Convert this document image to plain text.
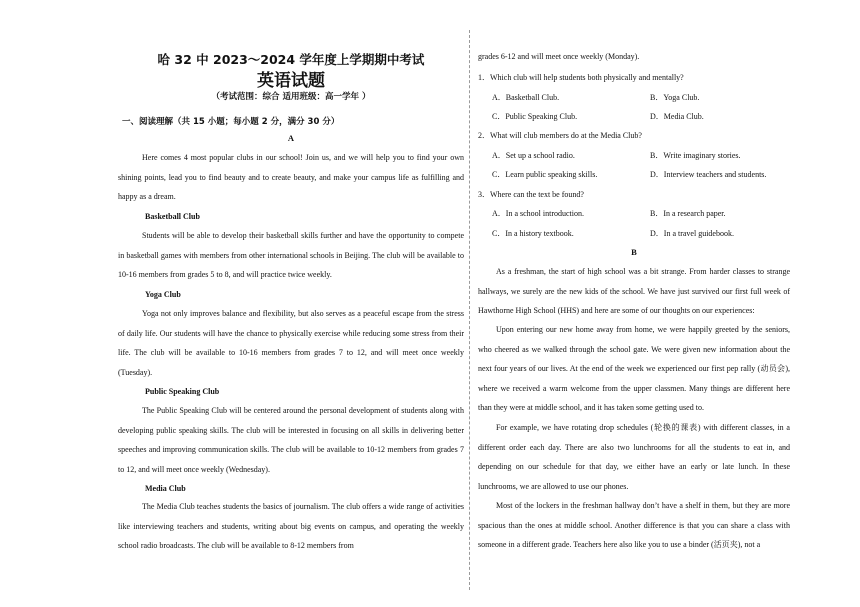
哈 32 中 2023～2024 学年度上学期期中考试
英语试题
（考试范围：综合 适用班级：高一学年 ）
一、阅读理解（共 15 小题；每小题 2 分，满分 30 分）
A
Here comes 4 most popular clubs in our school! Join us, and we will help you to find your own shining points, lead you to find beauty and to create beauty, and make your campus life as fulfilling and happy as a dream.
Basketball Club
Students will be able to develop their basketball skills further and have the opportunity to compete in basketball games with members from other international schools in Beijing. The club will be available to 10-16 members from grades 5 to 8, and will practice twice weekly.
Yoga Club
Yoga not only improves balance and flexibility, but also serves as a peaceful escape from the stress of daily life. Our students will have the chance to physically exercise while reducing some stress from their life. The club will be available to 10-16 members from grades 7 to 12, and will meet once weekly (Tuesday).
Public Speaking Club
The Public Speaking Club will be centered around the personal development of students along with developing public speaking skills. The club will be interested in focusing on all skills in delivering better speeches and improving communication skills. The club will be available to 10-12 members from grades 7 to 12, and will meet once weekly (Wednesday).
Media Club
The Media Club teaches students the basics of journalism. The club offers a wide range of activities like interviewing teachers and students, writing about big events on campus, and operating the weekly school radio broadcasts. The club will be available to 8-12 members from
grades 6-12 and will meet once weekly (Monday).
1．Which club will help students both physically and mentally?
A．Basketball Club.	B．Yoga Club.
C．Public Speaking Club.	D．Media Club.
2．What will club members do at the Media Club?
A．Set up a school radio.	B．Write imaginary stories.
C．Learn public speaking skills.	D．Interview teachers and students.
3．Where can the text be found?
A．In a school introduction.	B．In a research paper.
C．In a history textbook.	D．In a travel guidebook.
B
As a freshman, the start of high school was a bit strange. From harder classes to strange hallways, we surely are the new kids of the school. We have just survived our first full week of Hawthorne High School (HHS) and here are some of our thoughts on our experiences:
Upon entering our new home away from home, we were happily greeted by the seniors, who cheered as we walked through the school gate. We were given new information about the next four years of our lives. At the end of the week we experienced our first pep rally (动员会), where we received a warm welcome from the upper classmen. Many things are different here than they were at middle school, and it has taken some getting used to.
For example, we have rotating drop schedules (轮换的课表) with different classes, in a different order each day. There are also two lunchrooms for all the students to eat in, and depending on our schedule for that day, we either have an early or late lunch. In these lunchrooms, we are allowed to use our phones.
Most of the lockers in the freshman hallway don’t have a shelf in them, but they are more spacious than the ones at middle school. Another difference is that you can share a class with someone in a different grade. Teachers here also like you to use a binder (活页夹), not a
